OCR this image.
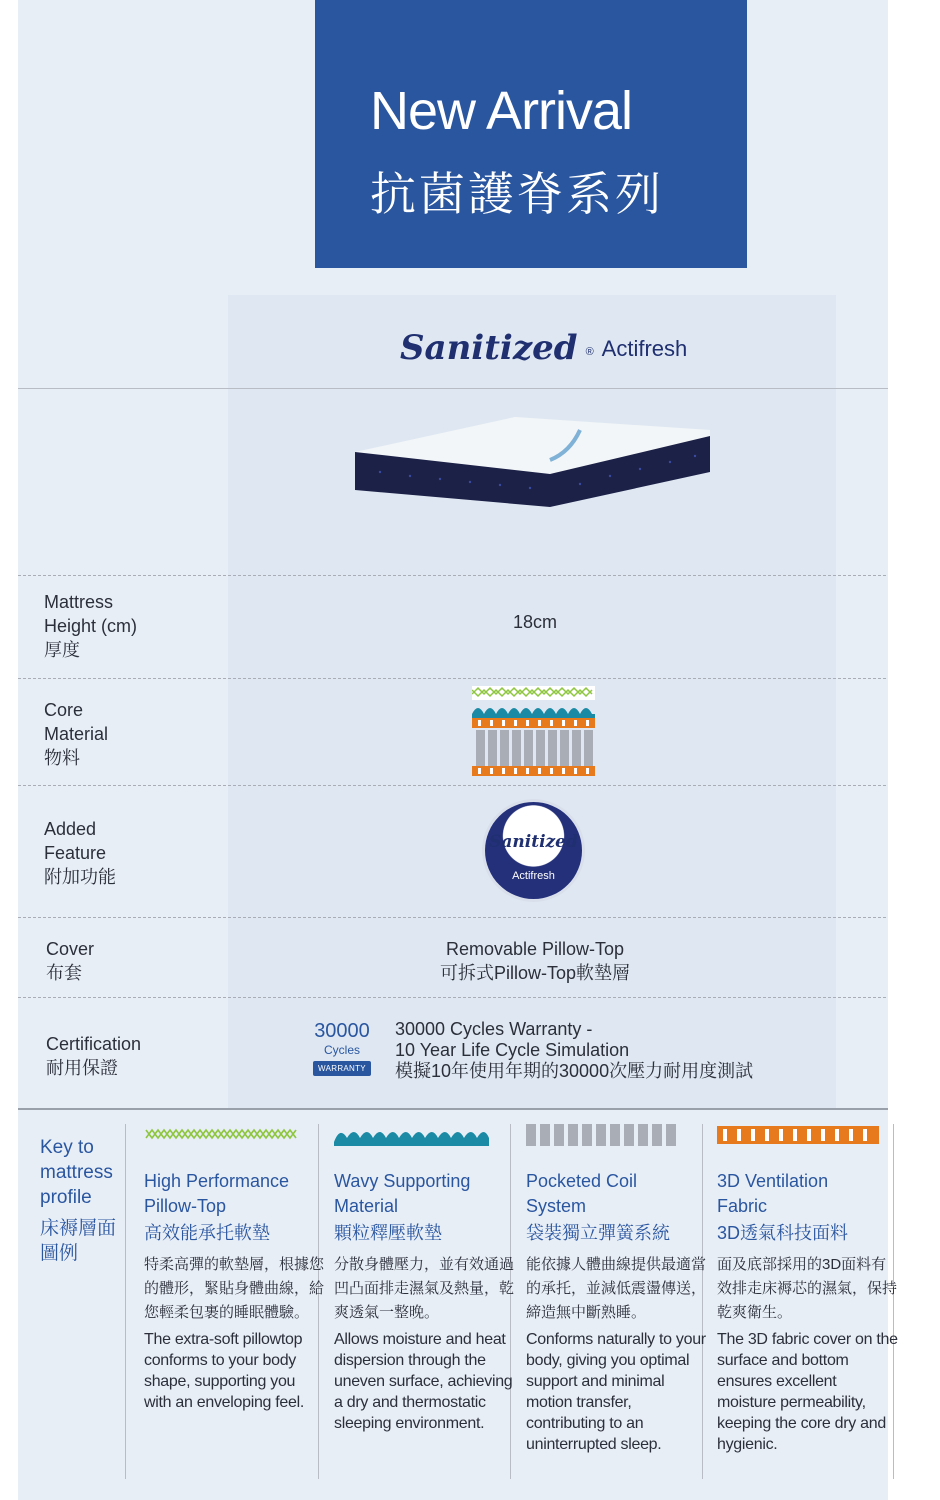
New Arrival
抗菌護脊系列
Sanitized ® Actifresh
Mattress
Height (cm)
厚度
18cm
Core
Material
物料
Added
Feature
附加功能
Sanitized
Actifresh
Cover
布套
Removable Pillow-Top
可拆式Pillow-Top軟墊層
Certification
耐用保證
30000
Cycles
WARRANTY
30000 Cycles Warranty -
10 Year Life Cycle Simulation
模擬10年使用年期的30000次壓力耐用度測試
Key to
mattress
profile
床褥層面
圖例
High Performance
Pillow-Top
高效能承托軟墊
特柔高彈的軟墊層，根據您的體形，緊貼身體曲線，給您輕柔包裹的睡眠體驗。
The extra-soft pillowtop conforms to your body shape, supporting you with an enveloping feel.
Wavy Supporting
Material
顆粒釋壓軟墊
分散身體壓力，並有效通過凹凸面排走濕氣及熱量，乾爽透氣一整晚。
Allows moisture and heat dispersion through the uneven surface, achieving a dry and thermostatic sleeping environment.
Pocketed Coil
System
袋裝獨立彈簧系統
能依據人體曲線提供最適當的承托，並減低震盪傳送，締造無中斷熟睡。
Conforms naturally to your body, giving you optimal support and minimal motion transfer, contributing to an uninterrupted sleep.
3D Ventilation
Fabric
3D透氣科技面料
面及底部採用的3D面料有效排走床褥芯的濕氣，保持乾爽衛生。
The 3D fabric cover on the surface and bottom ensures excellent moisture permeability, keeping the core dry and hygienic.
